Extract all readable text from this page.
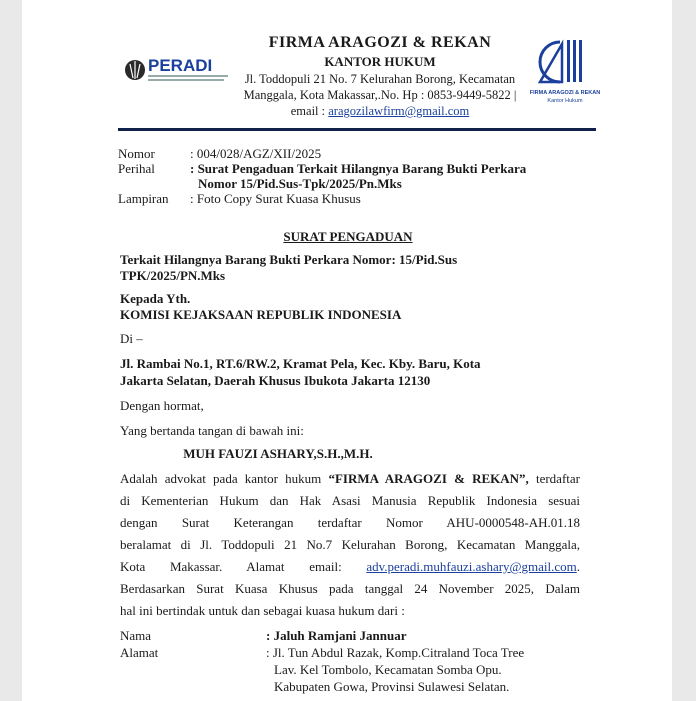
PERADI
FIRMA ARAGOZI & REKAN
KANTOR HUKUM
Jl. Toddopuli 21 No. 7 Kelurahan Borong, Kecamatan
Manggala, Kota Makassar,.No. Hp : 0853-9449-5822 |
email : aragozilawfirm@gmail.com
FIRMA ARAGOZI & REKAN
Kantor Hukum
Nomor	: 004/028/AGZ/XII/2025
Perihal	: Surat Pengaduan Terkait Hilangnya Barang Bukti Perkara
Nomor 15/Pid.Sus-Tpk/2025/Pn.Mks
Lampiran	: Foto Copy Surat Kuasa Khusus
SURAT PENGADUAN
Terkait Hilangnya Barang Bukti Perkara Nomor: 15/Pid.Sus
TPK/2025/PN.Mks
Kepada Yth.
KOMISI KEJAKSAAN REPUBLIK INDONESIA
Di –
Jl. Rambai No.1, RT.6/RW.2, Kramat Pela, Kec. Kby. Baru, Kota
Jakarta Selatan, Daerah Khusus Ibukota Jakarta 12130
Dengan hormat,
Yang bertanda tangan di bawah ini:
MUH FAUZI ASHARY,S.H.,M.H.
Adalah advokat pada kantor hukum “FIRMA ARAGOZI & REKAN”, terdaftar
di Kementerian Hukum dan Hak Asasi Manusia Republik Indonesia sesuai
dengan Surat Keterangan terdaftar Nomor AHU-0000548-AH.01.18
beralamat di Jl. Toddopuli 21 No.7 Kelurahan Borong, Kecamatan Manggala,
Kota Makassar. Alamat email: adv.peradi.muhfauzi.ashary@gmail.com.
Berdasarkan Surat Kuasa Khusus pada tanggal 24 November 2025, Dalam
hal ini bertindak untuk dan sebagai kuasa hukum dari :
Nama	: Jaluh Ramjani Jannuar
Alamat	: Jl. Tun Abdul Razak, Komp.Citraland Toca Tree
Lav. Kel Tombolo, Kecamatan Somba Opu.
Kabupaten Gowa, Provinsi Sulawesi Selatan.
